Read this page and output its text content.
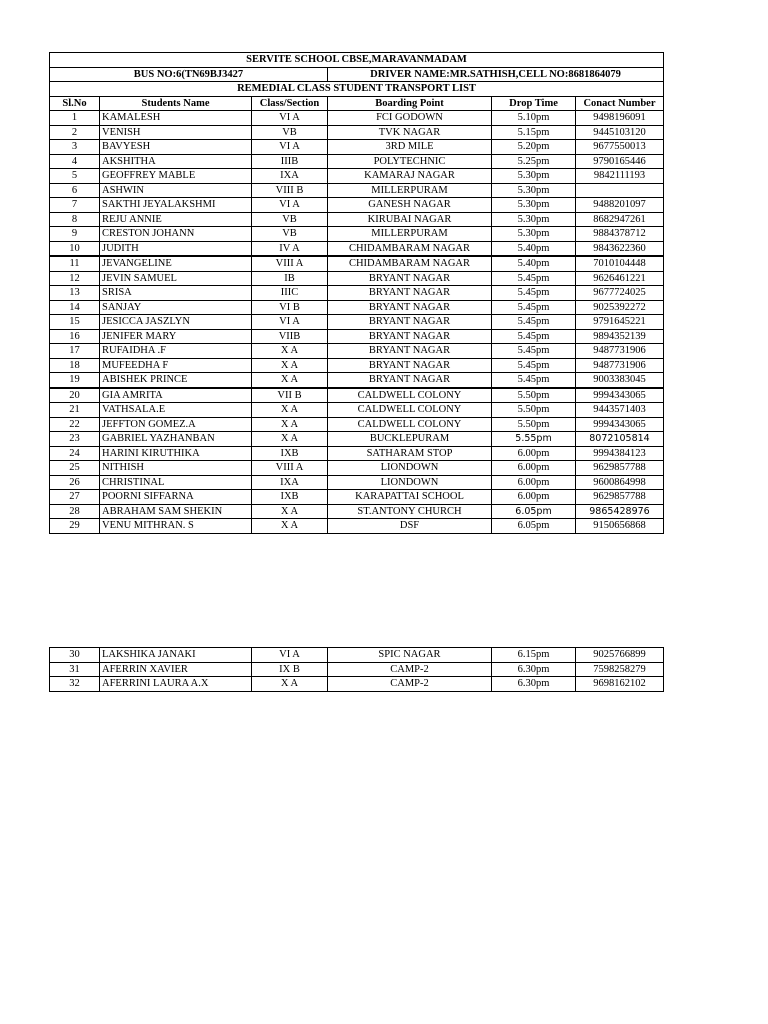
SERVITE SCHOOL CBSE,MARAVANMADAM					
BUS NO:6(TN69BJ3427			DRIVER NAME:MR.SATHISH,CELL NO:8681864079		
REMEDIAL CLASS STUDENT TRANSPORT LIST					
Sl.No	Students Name	Class/Section	Boarding Point	Drop Time	Conact Number
1	KAMALESH	VI A	FCI GODOWN	5.10pm	9498196091
2	VENISH	VB	TVK NAGAR	5.15pm	9445103120
3	BAVYESH	VI A	3RD MILE	5.20pm	9677550013
4	AKSHITHA	IIIB	POLYTECHNIC	5.25pm	9790165446
5	GEOFFREY MABLE	IXA	KAMARAJ NAGAR	5.30pm	9842111193
6	ASHWIN	VIII B	MILLERPURAM	5.30pm	
7	SAKTHI JEYALAKSHMI	VI A	GANESH NAGAR	5.30pm	9488201097
8	REJU ANNIE	VB	KIRUBAI NAGAR	5.30pm	8682947261
9	CRESTON JOHANN	VB	MILLERPURAM	5.30pm	9884378712
10	JUDITH	IV A	CHIDAMBARAM NAGAR	5.40pm	9843622360
11	JEVANGELINE	VIII A	CHIDAMBARAM NAGAR	5.40pm	7010104448
12	JEVIN SAMUEL	IB	BRYANT NAGAR	5.45pm	9626461221
13	SRISA	IIIC	BRYANT NAGAR	5.45pm	9677724025
14	SANJAY	VI B	BRYANT NAGAR	5.45pm	9025392272
15	JESICCA JASZLYN	VI A	BRYANT NAGAR	5.45pm	9791645221
16	JENIFER MARY	VIIB	BRYANT NAGAR	5.45pm	9894352139
17	RUFAIDHA .F	X A	BRYANT NAGAR	5.45pm	9487731906
18	MUFEEDHA F	X A	BRYANT NAGAR	5.45pm	9487731906
19	ABISHEK PRINCE	X A	BRYANT NAGAR	5.45pm	9003383045
20	GIA AMRITA	VII B	CALDWELL COLONY	5.50pm	9994343065
21	VATHSALA.E	X A	CALDWELL COLONY	5.50pm	9443571403
22	JEFFTON GOMEZ.A	X A	CALDWELL COLONY	5.50pm	9994343065
23	GABRIEL YAZHANBAN	X A	BUCKLEPURAM	5.55pm	8072105814
24	HARINI KIRUTHIKA	IXB	SATHARAM STOP	6.00pm	9994384123
25	NITHISH	VIII A	LIONDOWN	6.00pm	9629857788
26	CHRISTINAL	IXA	LIONDOWN	6.00pm	9600864998
27	POORNI SIFFARNA	IXB	KARAPATTAI SCHOOL	6.00pm	9629857788
28	ABRAHAM SAM SHEKIN	X A	ST.ANTONY CHURCH	6.05pm	9865428976
29	VENU MITHRAN. S	X A	DSF	6.05pm	9150656868
30	LAKSHIKA JANAKI	VI A	SPIC NAGAR	6.15pm	9025766899
31	AFERRIN XAVIER	IX B	CAMP-2	6.30pm	7598258279
32	AFERRINI LAURA A.X	X A	CAMP-2	6.30pm	9698162102
